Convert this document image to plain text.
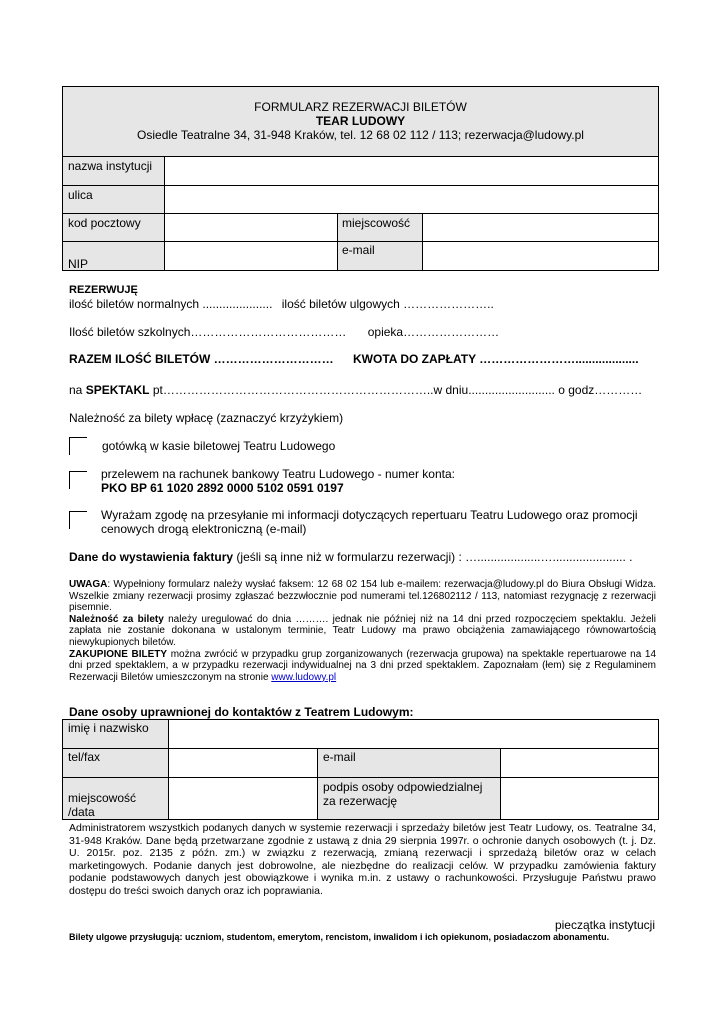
FORMULARZ REZERWACJI BILETÓW
TEAR LUDOWY
Osiedle Teatralne 34, 31-948 Kraków, tel. 12 68 02 112 / 113; rezerwacja@ludowy.pl
nazwa instytucji
ulica
kod pocztowy	miejscowość
NIP
e-mail
REZERWUJĘ
ilość biletów normalnych ..................... ilość biletów ulgowych …………………..
Ilość biletów szkolnych………………………………… opieka……………………
RAZEM ILOŚĆ BILETÓW ………………………… KWOTA DO ZAPŁATY ……………………...................
na SPEKTAKL pt…………………………………………………………..w dniu.......................... o godz…………
Należność za bilety wpłacę (zaznaczyć krzyżykiem)
gotówką w kasie biletowej Teatru Ludowego
przelewem na rachunek bankowy Teatru Ludowego - numer konta:
PKO BP 61 1020 2892 0000 5102 0591 0197
Wyrażam zgodę na przesyłanie mi informacji dotyczących repertuaru Teatru Ludowego oraz promocji cenowych drogą elektroniczną (e-mail)
Dane do wystawienia faktury (jeśli są inne niż w formularzu rezerwacji) : …...................…...................... .
UWAGA: Wypełniony formularz należy wysłać faksem: 12 68 02 154 lub e-mailem: rezerwacja@ludowy.pl do Biura Obsługi Widza. Wszelkie zmiany rezerwacji prosimy zgłaszać bezzwłocznie pod numerami tel.126802112 / 113, natomiast rezygnację z rezerwacji pisemnie.
Należność za bilety należy uregulować do dnia ………. jednak nie później niż na 14 dni przed rozpoczęciem spektaklu. Jeżeli zapłata nie zostanie dokonana w ustalonym terminie, Teatr Ludowy ma prawo obciążenia zamawiającego równowartością niewykupionych biletów.
ZAKUPIONE BILETY można zwrócić w przypadku grup zorganizowanych (rezerwacja grupowa) na spektakle repertuarowe na 14 dni przed spektaklem, a w przypadku rezerwacji indywidualnej na 3 dni przed spektaklem. Zapoznałam (łem) się z Regulaminem Rezerwacji Biletów umieszczonym na stronie www.ludowy.pl
Dane osoby uprawnionej do kontaktów z Teatrem Ludowym:
imię i nazwisko
tel/fax	e-mail
miejscowość /data
podpis osoby odpowiedzialnej za rezerwację
Administratorem wszystkich podanych danych w systemie rezerwacji i sprzedaży biletów jest Teatr Ludowy, os. Teatralne 34, 31-948 Kraków. Dane będą przetwarzane zgodnie z ustawą z dnia 29 sierpnia 1997r. o ochronie danych osobowych (t. j. Dz. U. 2015r. poz. 2135 z późn. zm.) w związku z rezerwacją, zmianą rezerwacji i sprzedażą biletów oraz w celach marketingowych. Podanie danych jest dobrowolne, ale niezbędne do realizacji celów. W przypadku zamówienia faktury podanie podstawowych danych jest obowiązkowe i wynika m.in. z ustawy o rachunkowości. Przysługuje Państwu prawo dostępu do treści swoich danych oraz ich poprawiania.
pieczątka instytucji
Bilety ulgowe przysługują: uczniom, studentom, emerytom, rencistom, inwalidom i ich opiekunom, posiadaczom abonamentu.
